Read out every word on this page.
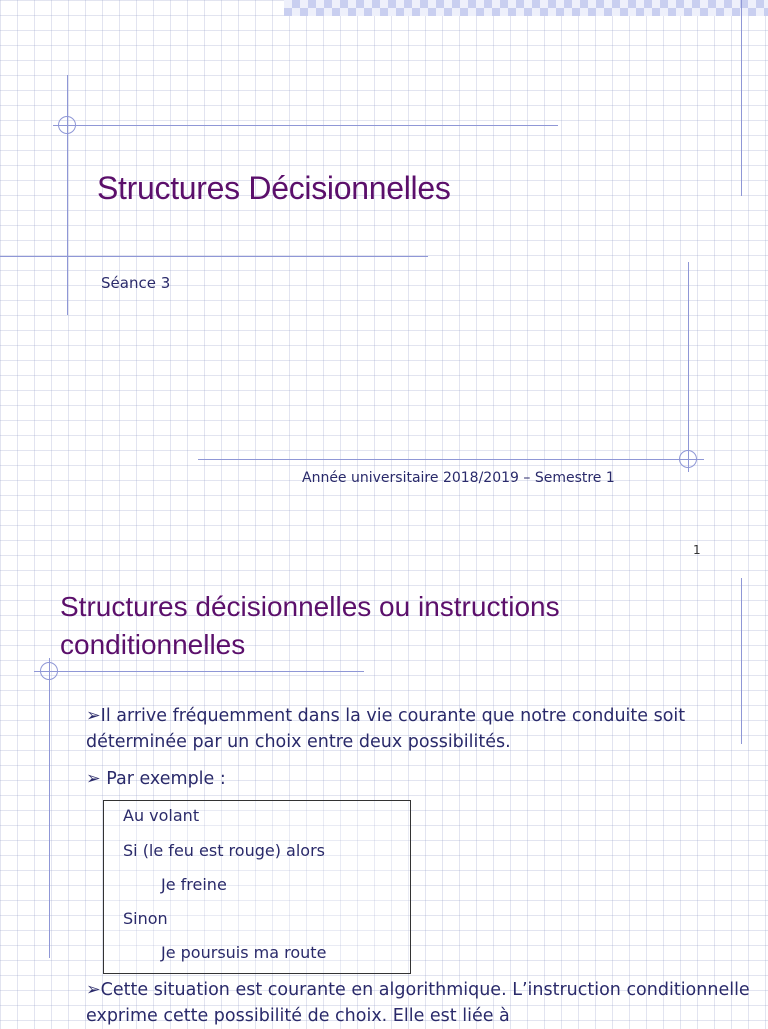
Structures Décisionnelles

Séance 3

Année universitaire 2018/2019 – Semestre 1

1

Structures décisionnelles ou instructions conditionnelles

➢Il arrive fréquemment dans la vie courante que notre conduite soit déterminée par un choix entre deux possibilités.

➢ Par exemple :

Au volant

Si (le feu est rouge) alors

Je freine

Sinon

Je poursuis ma route

➢Cette situation est courante en algorithmique. L’instruction conditionnelle exprime cette possibilité de choix. Elle est liée à
